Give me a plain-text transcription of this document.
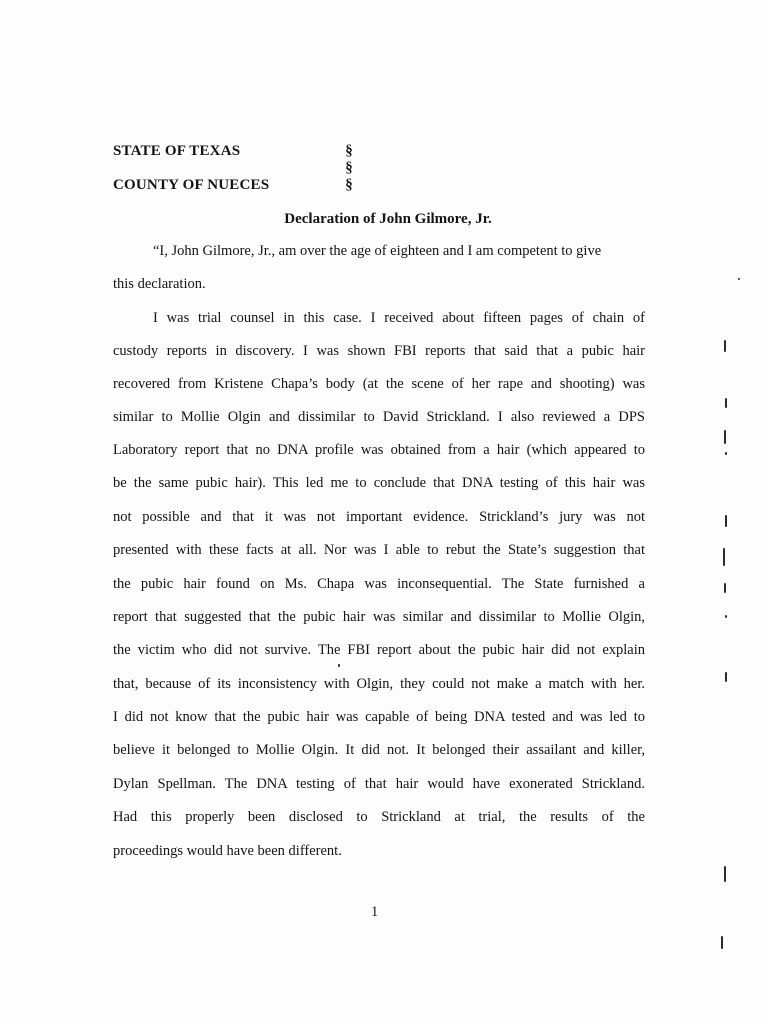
STATE OF TEXAS
COUNTY OF NUECES
§
§
§
Declaration of John Gilmore, Jr.
“I, John Gilmore, Jr., am over the age of eighteen and I am competent to give
this declaration.
I was trial counsel in this case. I received about fifteen pages of chain of
custody reports in discovery. I was shown FBI reports that said that a pubic hair
recovered from Kristene Chapa’s body (at the scene of her rape and shooting) was
similar to Mollie Olgin and dissimilar to David Strickland. I also reviewed a DPS
Laboratory report that no DNA profile was obtained from a hair (which appeared to
be the same pubic hair). This led me to conclude that DNA testing of this hair was
not possible and that it was not important evidence. Strickland’s jury was not
presented with these facts at all. Nor was I able to rebut the State’s suggestion that
the pubic hair found on Ms. Chapa was inconsequential. The State furnished a
report that suggested that the pubic hair was similar and dissimilar to Mollie Olgin,
the victim who did not survive. The FBI report about the pubic hair did not explain
that, because of its inconsistency with Olgin, they could not make a match with her.
I did not know that the pubic hair was capable of being DNA tested and was led to
believe it belonged to Mollie Olgin. It did not. It belonged their assailant and killer,
Dylan Spellman. The DNA testing of that hair would have exonerated Strickland.
Had this properly been disclosed to Strickland at trial, the results of the
proceedings would have been different.
1
